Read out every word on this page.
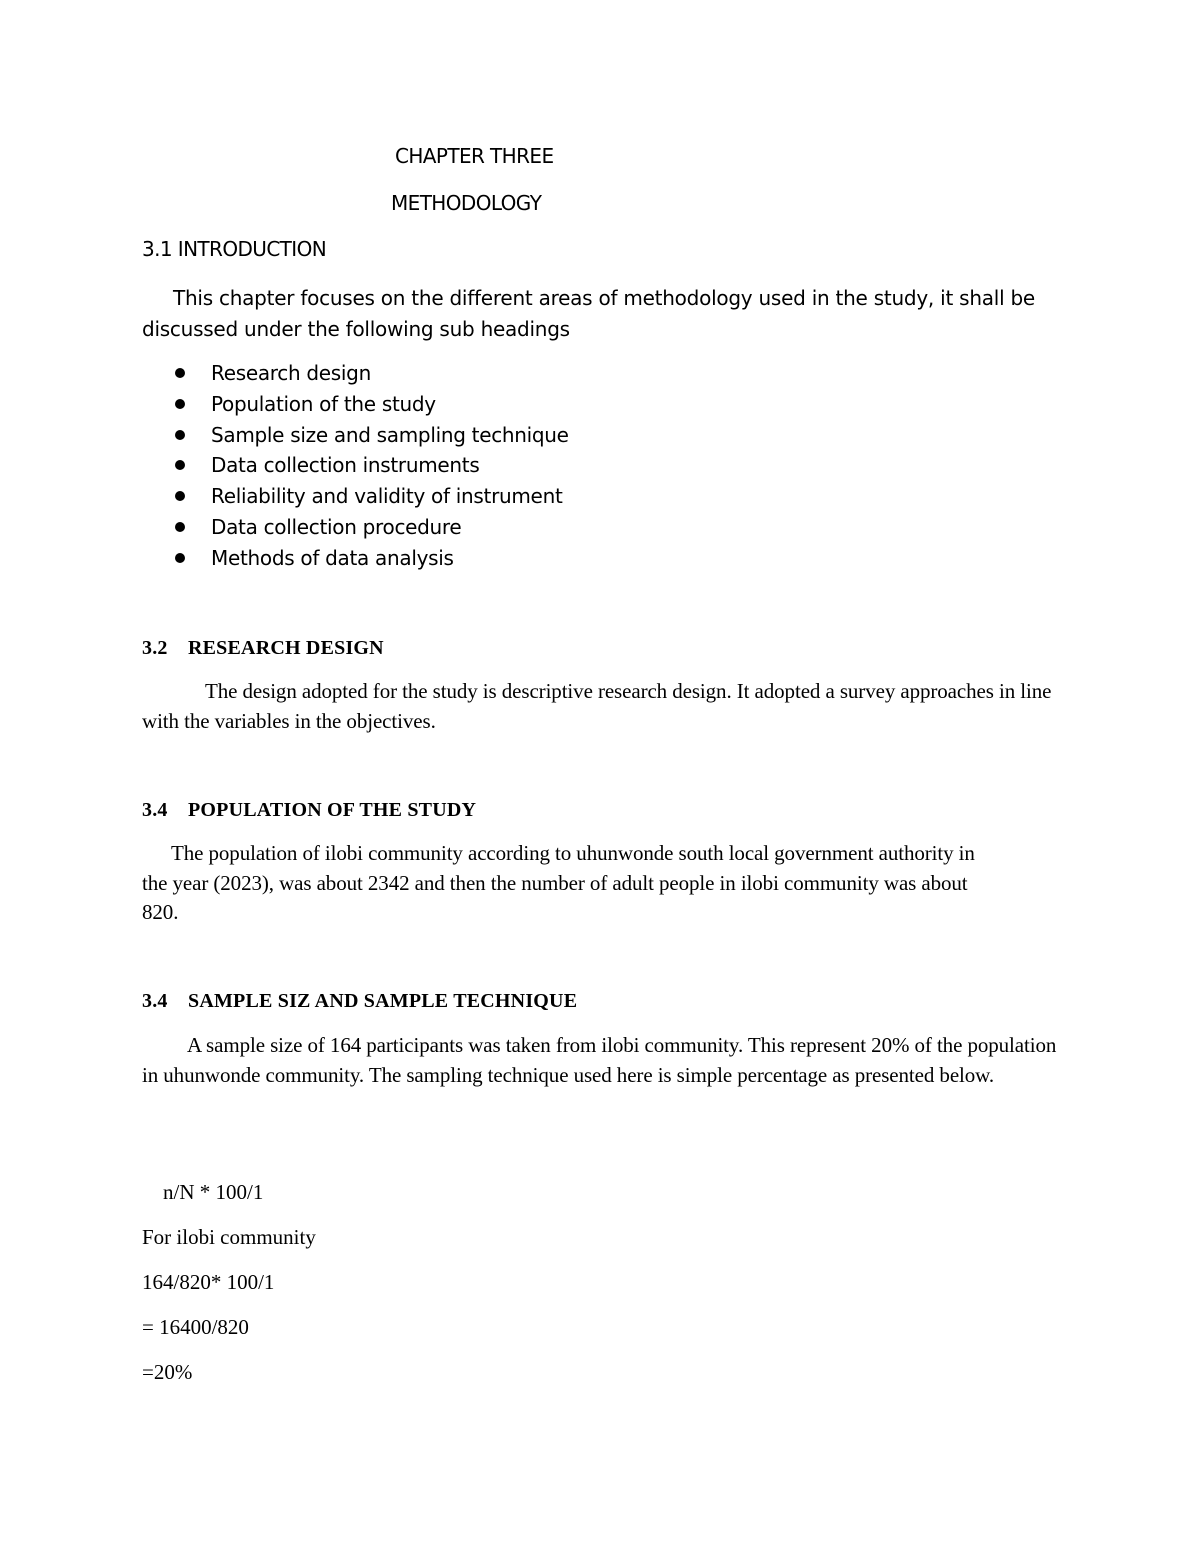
CHAPTER THREE

METHODOLOGY

3.1 INTRODUCTION

This chapter focuses on the different areas of methodology used in the study, it shall be discussed under the following sub headings

Research design
Population of the study
Sample size and sampling technique
Data collection instruments
Reliability and validity of instrument
Data collection procedure
Methods of data analysis

3.2 RESEARCH DESIGN

The design adopted for the study is descriptive research design. It adopted a survey approaches in line with the variables in the objectives.

3.4 POPULATION OF THE STUDY

The population of ilobi community according to uhunwonde south local government authority in the year (2023), was about 2342 and then the number of adult people in ilobi community was about 820.

3.4 SAMPLE SIZ AND SAMPLE TECHNIQUE

A sample size of 164 participants was taken from ilobi community. This represent 20% of the population in uhunwonde community. The sampling technique used here is simple percentage as presented below.

n/N * 100/1

For ilobi community

164/820* 100/1

= 16400/820

=20%
